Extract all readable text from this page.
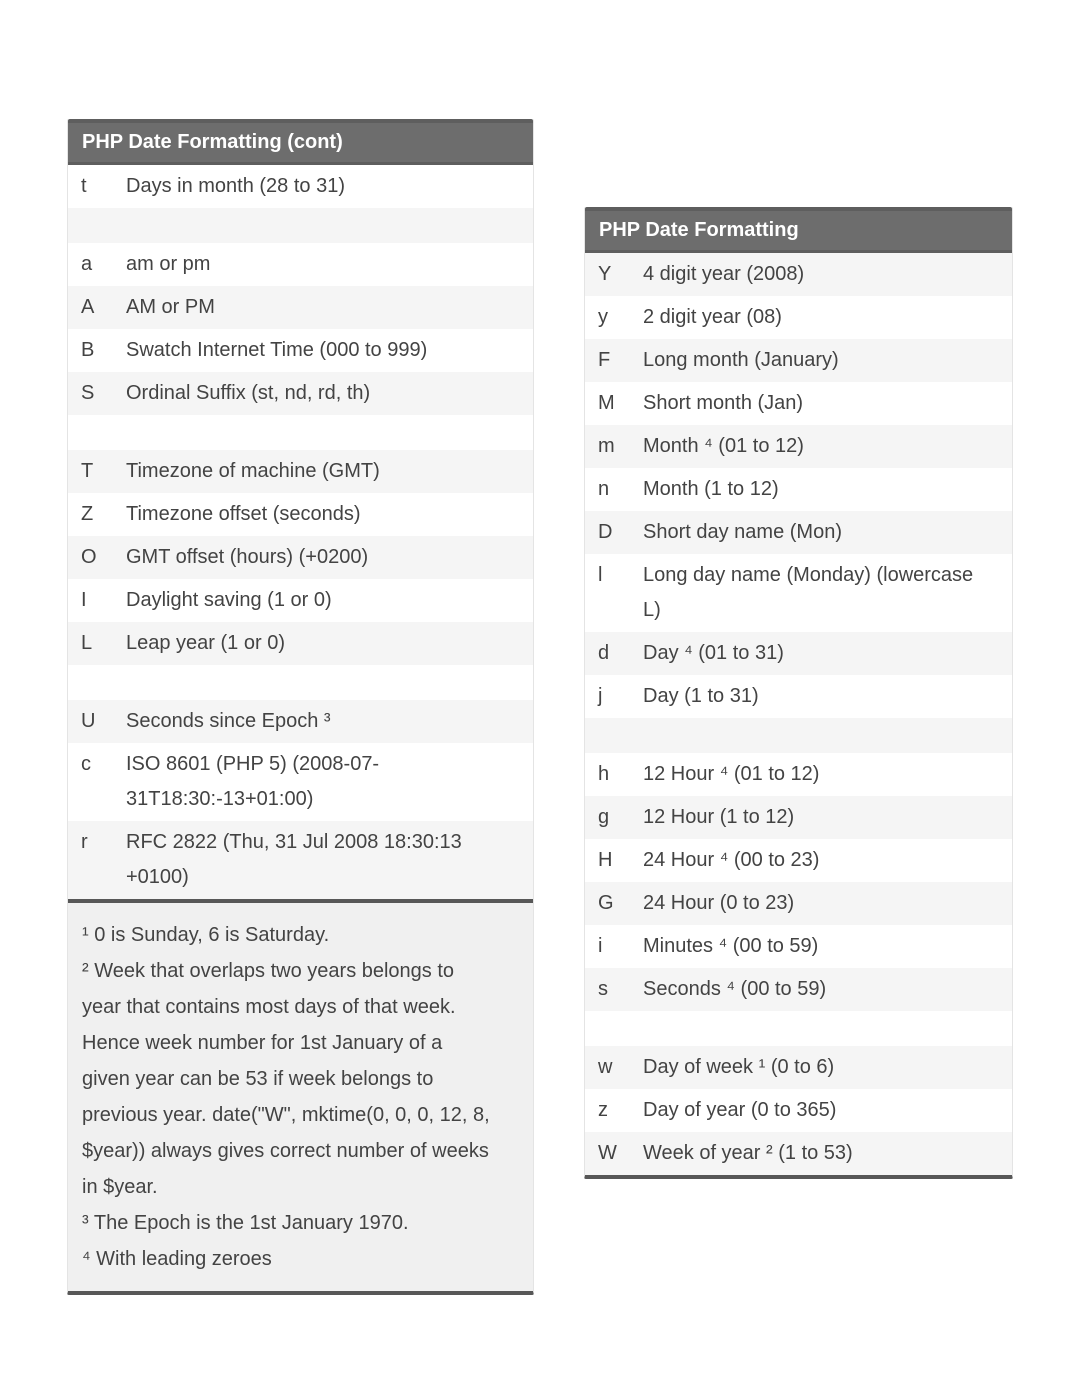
PHP Date Formatting (cont)
t	Days in month (28 to 31)
a	am or pm
A	AM or PM
B	Swatch Internet Time (000 to 999)
S	Ordinal Suffix (st, nd, rd, th)
T	Timezone of machine (GMT)
Z	Timezone offset (seconds)
O	GMT offset (hours) (+0200)
I	Daylight saving (1 or 0)
L	Leap year (1 or 0)
U	Seconds since Epoch ³
c	ISO 8601 (PHP 5) (2008-07-31T18:30:-13+01:00)
r	RFC 2822 (Thu, 31 Jul 2008 18:30:13 +0100)

¹ 0 is Sunday, 6 is Saturday.

² Week that overlaps two years belongs to year that contains most days of that week. Hence week number for 1st January of a given year can be 53 if week belongs to previous year. date("W", mktime(0, 0, 0, 12, 8, $year)) always gives correct number of weeks in $year.

³ The Epoch is the 1st January 1970.

⁴ With leading zeroes

PHP Date Formatting
Y	4 digit year (2008)
y	2 digit year (08)
F	Long month (January)
M	Short month (Jan)
m	Month ⁴ (01 to 12)
n	Month (1 to 12)
D	Short day name (Mon)
l	Long day name (Monday) (lowercase L)
d	Day ⁴ (01 to 31)
j	Day (1 to 31)
h	12 Hour ⁴ (01 to 12)
g	12 Hour (1 to 12)
H	24 Hour ⁴ (00 to 23)
G	24 Hour (0 to 23)
i	Minutes ⁴ (00 to 59)
s	Seconds ⁴ (00 to 59)
w	Day of week ¹ (0 to 6)
z	Day of year (0 to 365)
W	Week of year ² (1 to 53)
